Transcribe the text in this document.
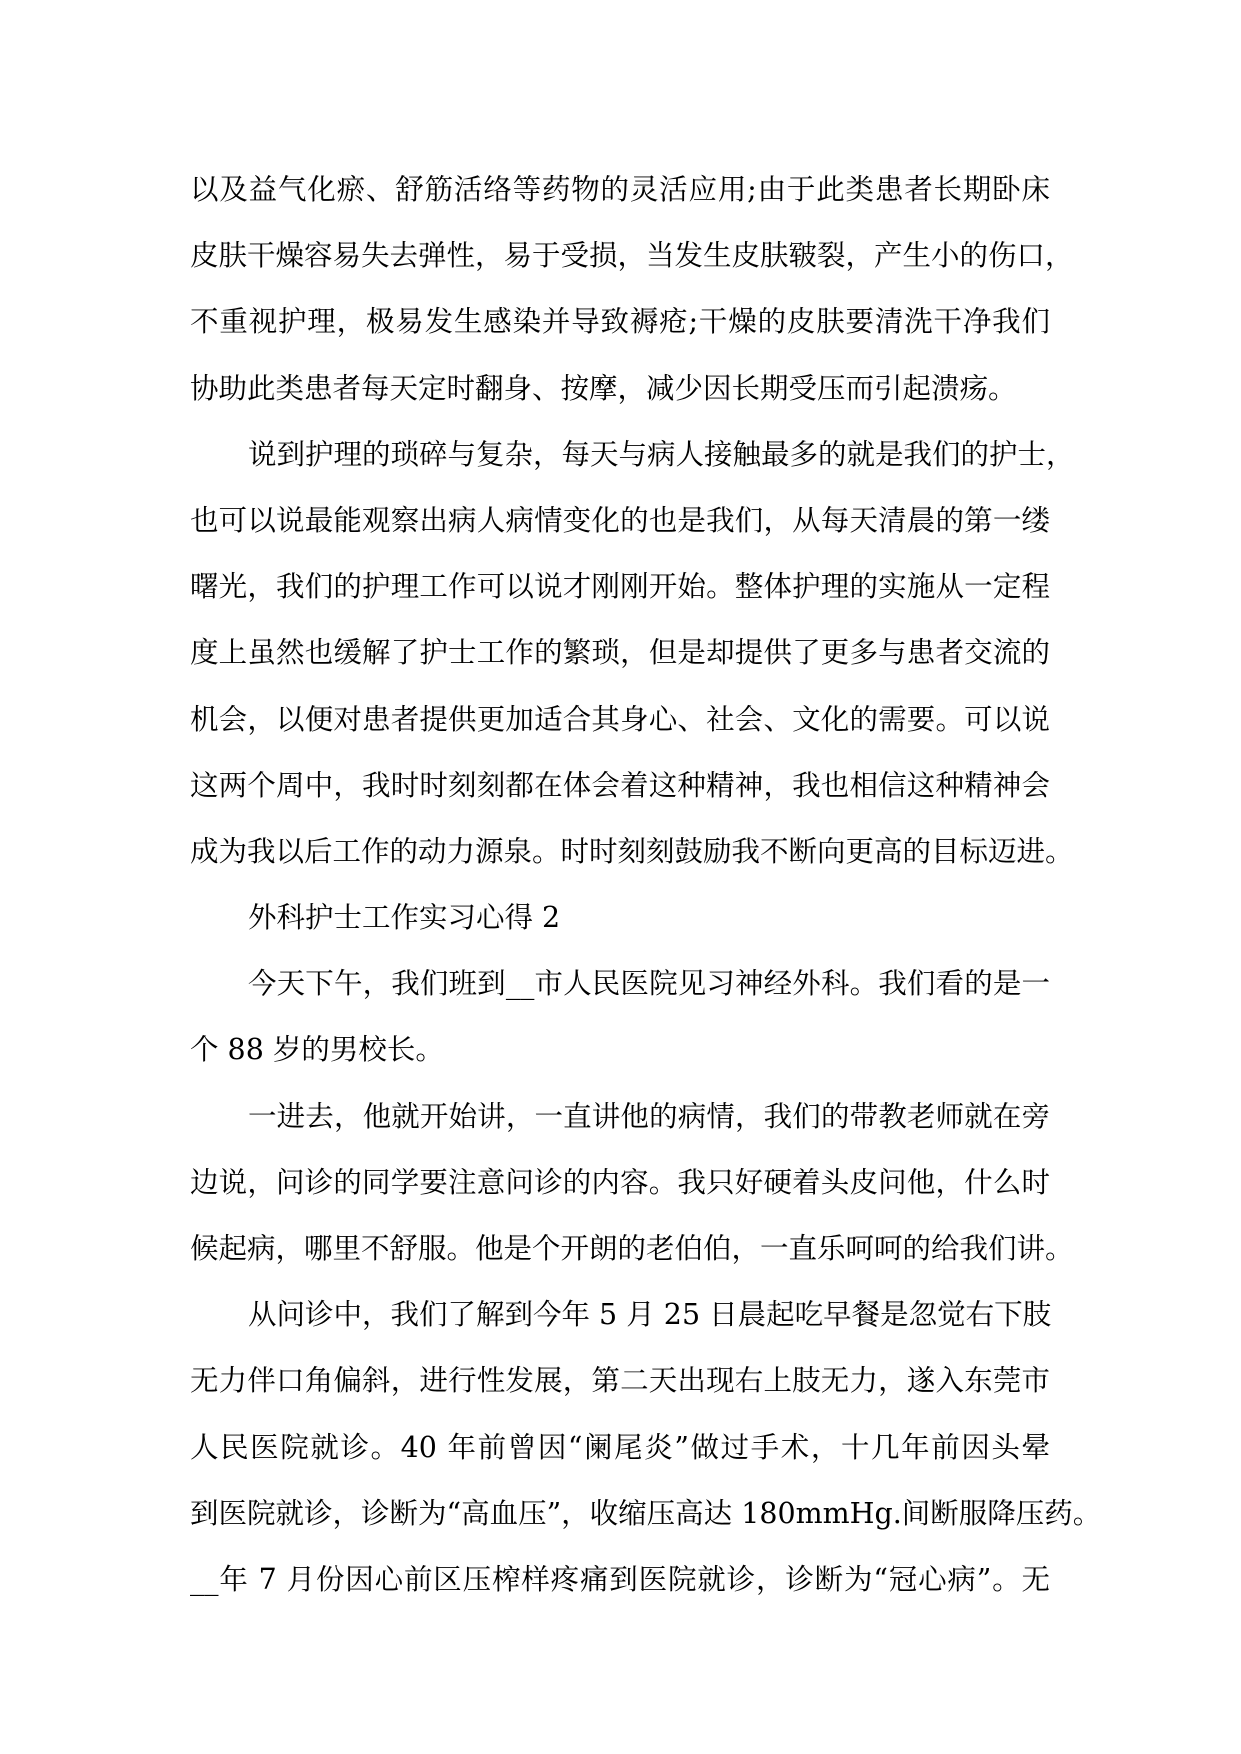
以及益气化瘀、舒筋活络等药物的灵活应用;由于此类患者长期卧床
皮肤干燥容易失去弹性，易于受损，当发生皮肤皲裂，产生小的伤口，
不重视护理，极易发生感染并导致褥疮;干燥的皮肤要清洗干净我们
协助此类患者每天定时翻身、按摩，减少因长期受压而引起溃疡。
说到护理的琐碎与复杂，每天与病人接触最多的就是我们的护士，
也可以说最能观察出病人病情变化的也是我们，从每天清晨的第一缕
曙光，我们的护理工作可以说才刚刚开始。整体护理的实施从一定程
度上虽然也缓解了护士工作的繁琐，但是却提供了更多与患者交流的
机会，以便对患者提供更加适合其身心、社会、文化的需要。可以说
这两个周中，我时时刻刻都在体会着这种精神，我也相信这种精神会
成为我以后工作的动力源泉。时时刻刻鼓励我不断向更高的目标迈进。
外科护士工作实习心得 2
今天下午，我们班到__市人民医院见习神经外科。我们看的是一
个 88 岁的男校长。
一进去，他就开始讲，一直讲他的病情，我们的带教老师就在旁
边说，问诊的同学要注意问诊的内容。我只好硬着头皮问他，什么时
候起病，哪里不舒服。他是个开朗的老伯伯，一直乐呵呵的给我们讲。
从问诊中，我们了解到今年 5 月 25 日晨起吃早餐是忽觉右下肢
无力伴口角偏斜，进行性发展，第二天出现右上肢无力，遂入东莞市
人民医院就诊。40 年前曾因“阑尾炎”做过手术，十几年前因头晕
到医院就诊，诊断为“高血压”，收缩压高达 180mmHg.间断服降压药。
__年 7 月份因心前区压榨样疼痛到医院就诊，诊断为“冠心病”。无
